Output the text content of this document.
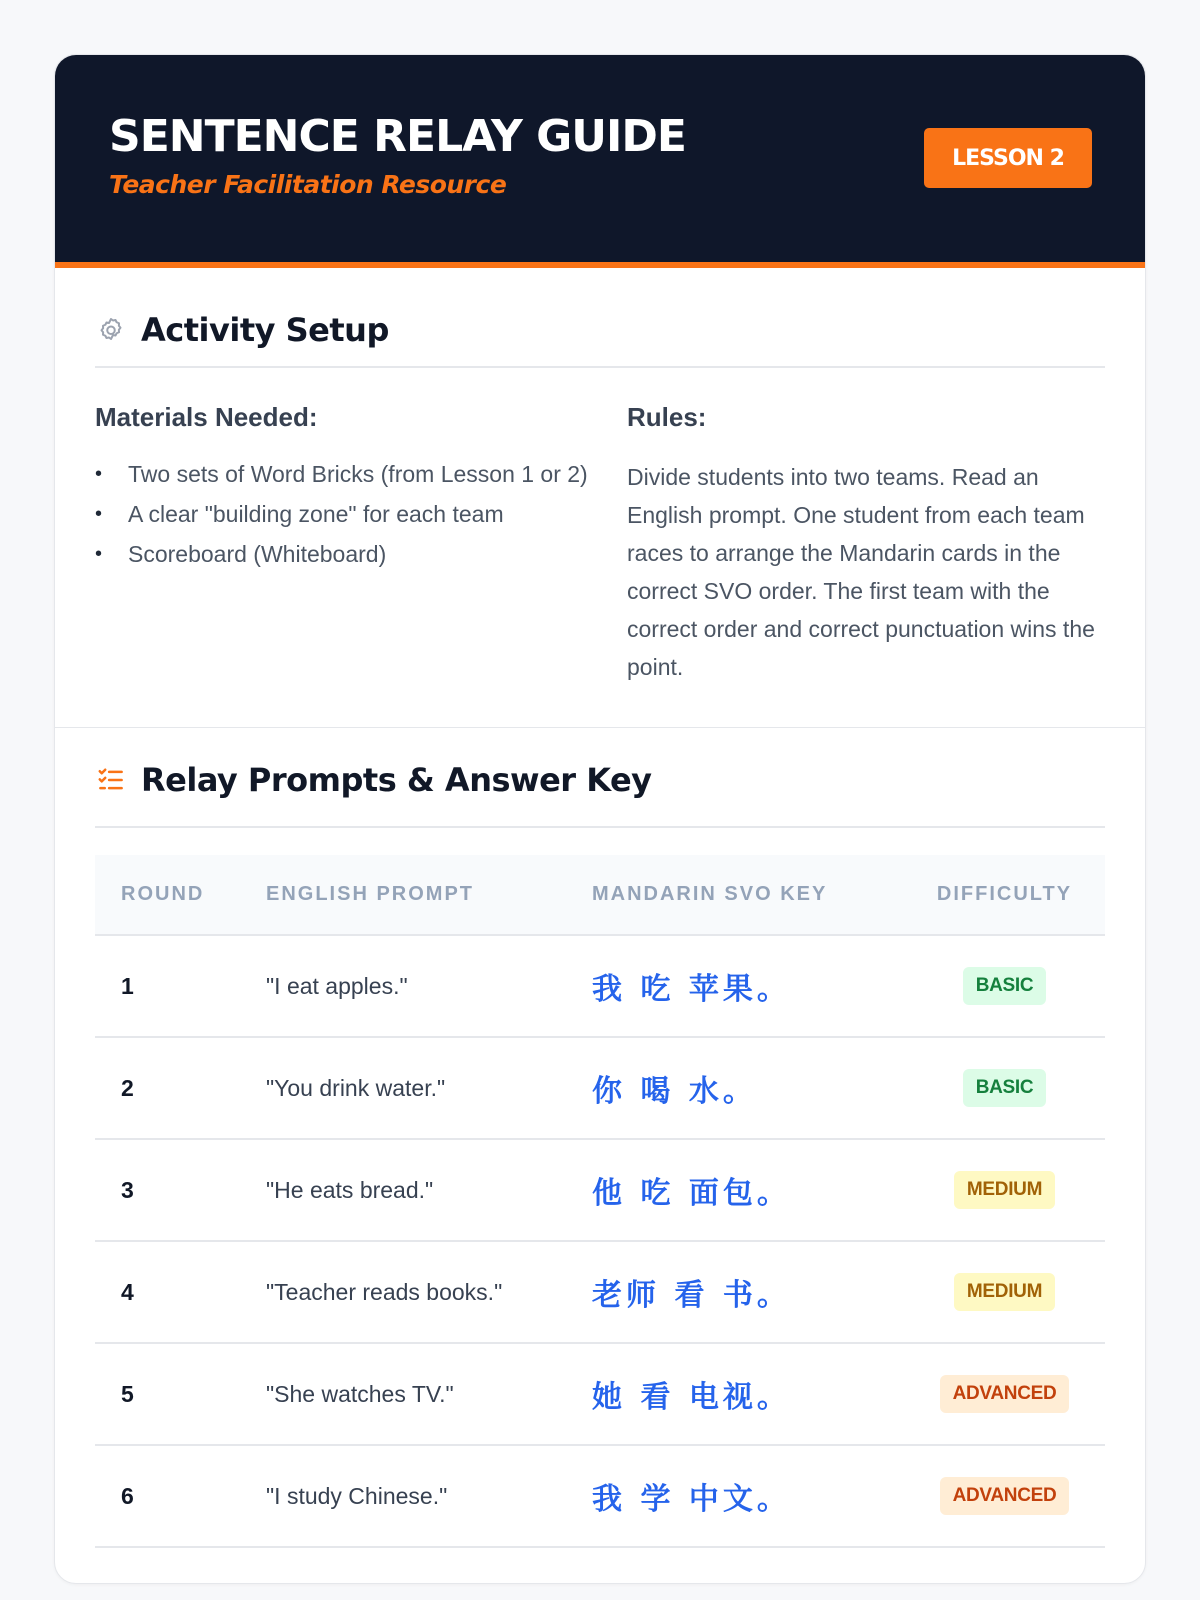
SENTENCE RELAY GUIDE
Teacher Facilitation Resource
LESSON 2
Activity Setup
Materials Needed:
•	Two sets of Word Bricks (from Lesson 1 or 2)
•	A clear "building zone" for each team
•	Scoreboard (Whiteboard)
Rules:

Divide students into two teams. Read an English prompt. One student from each team races to arrange the Mandarin cards in the correct SVO order. The first team with the correct order and correct punctuation wins the point.

Relay Prompts & Answer Key
ROUND	ENGLISH PROMPT	MANDARIN SVO KEY	DIFFICULTY
1	"I eat apples."	我 吃 苹果。	BASIC
2	"You drink water."	你 喝 水。	BASIC
3	"He eats bread."	他 吃 面包。	MEDIUM
4	"Teacher reads books."	老师 看 书。	MEDIUM
5	"She watches TV."	她 看 电视。	ADVANCED
6	"I study Chinese."	我 学 中文。	ADVANCED
